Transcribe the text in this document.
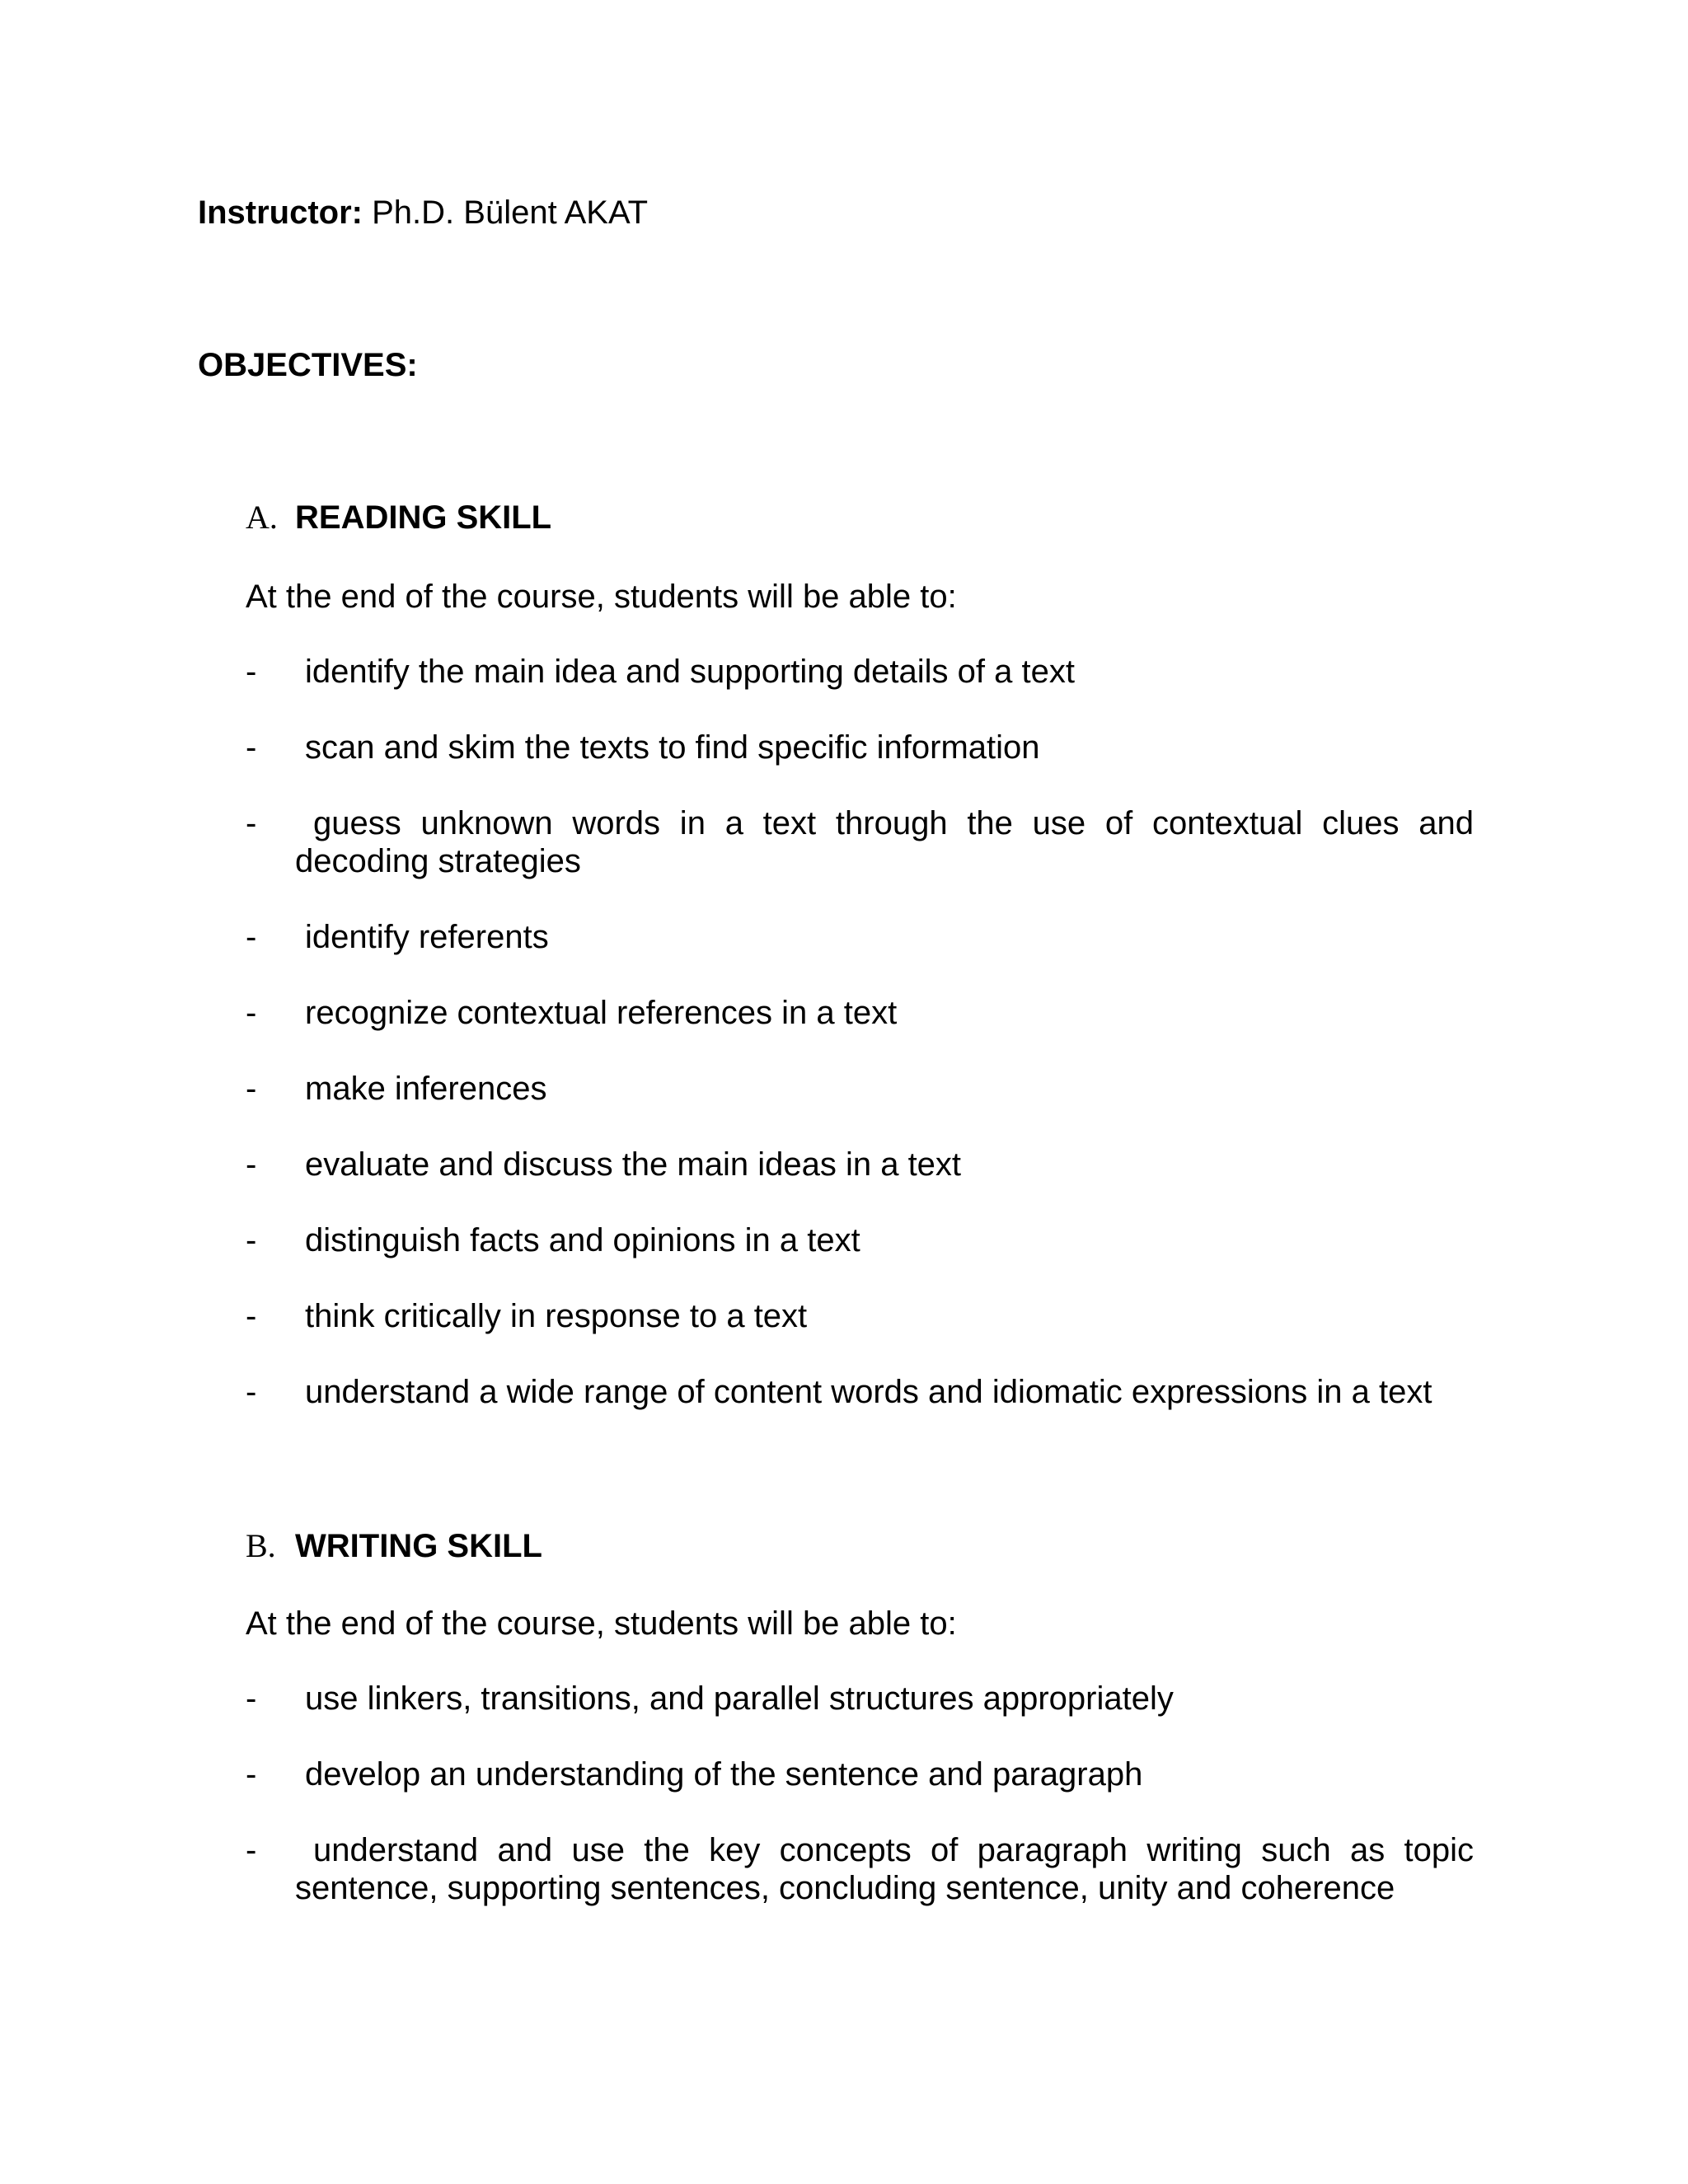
Instructor: Ph.D. Bülent AKAT
OBJECTIVES:
A. READING SKILL
At the end of the course, students will be able to:
-	identify the main idea and supporting details of a text
-	scan and skim the texts to find specific information
-	guess unknown words in a text through the use of contextual clues and decoding strategies
-	identify referents
-	recognize contextual references in a text
-	make inferences
-	evaluate and discuss the main ideas in a text
-	distinguish facts and opinions in a text
-	think critically in response to a text
-	understand a wide range of content words and idiomatic expressions in a text
B. WRITING SKILL
At the end of the course, students will be able to:
-	use linkers, transitions, and parallel structures appropriately
-	develop an understanding of the sentence and paragraph
-	understand and use the key concepts of paragraph writing such as topic sentence, supporting sentences, concluding sentence, unity and coherence
